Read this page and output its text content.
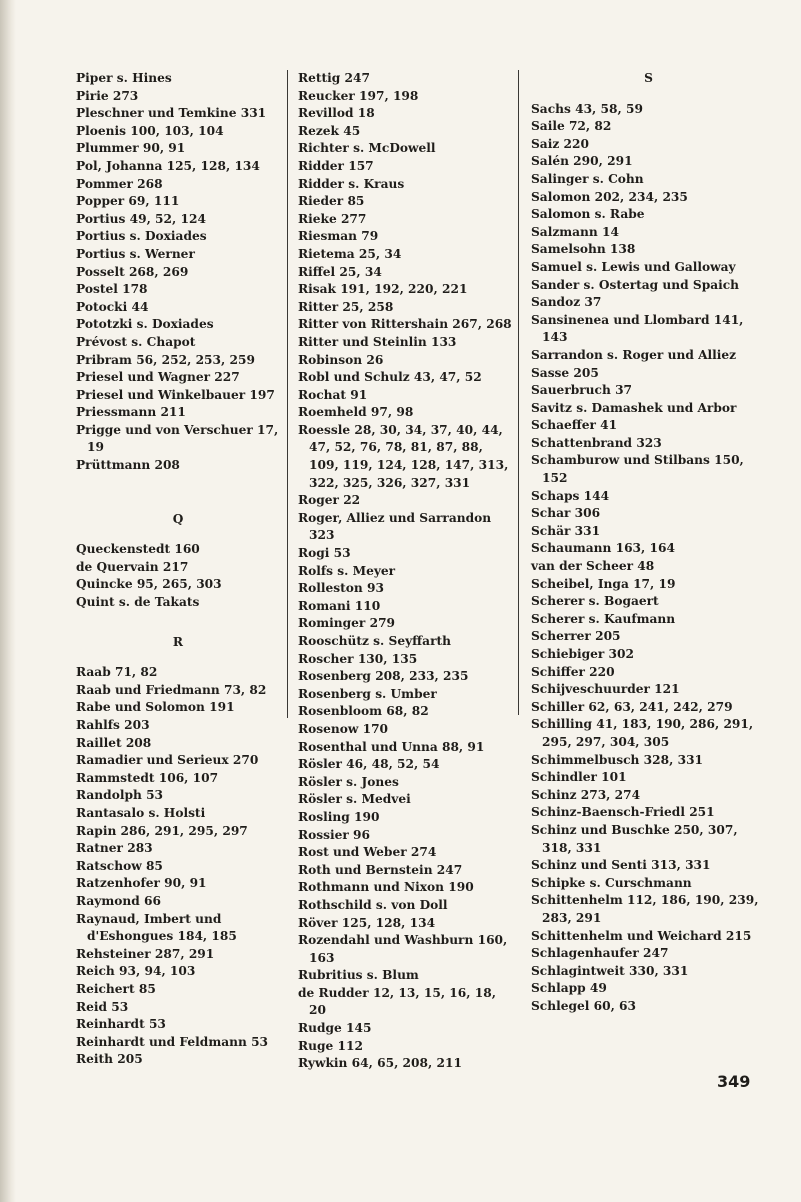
Piper s. Hines

Pirie 273

Pleschner und Temkine 331

Ploenis 100, 103, 104

Plummer 90, 91

Pol, Johanna 125, 128, 134

Pommer 268

Popper 69, 111

Portius 49, 52, 124

Portius s. Doxiades

Portius s. Werner

Posselt 268, 269

Postel 178

Potocki 44

Pototzki s. Doxiades

Prévost s. Chapot

Pribram 56, 252, 253, 259

Priesel und Wagner 227

Priesel und Winkelbauer 197

Priessmann 211

Prigge und von Verschuer 17, 19

Prüttmann 208

Q

Queckenstedt 160

de Quervain 217

Quincke 95, 265, 303

Quint s. de Takats

R

Raab 71, 82

Raab und Friedmann 73, 82

Rabe und Solomon 191

Rahlfs 203

Raillet 208

Ramadier und Serieux 270

Rammstedt 106, 107

Randolph 53

Rantasalo s. Holsti

Rapin 286, 291, 295, 297

Ratner 283

Ratschow 85

Ratzenhofer 90, 91

Raymond 66

Raynaud, Imbert und d'Eshongues 184, 185

Rehsteiner 287, 291

Reich 93, 94, 103

Reichert 85

Reid 53

Reinhardt 53

Reinhardt und Feldmann 53

Reith 205

Rettig 247

Reucker 197, 198

Revillod 18

Rezek 45

Richter s. McDowell

Ridder 157

Ridder s. Kraus

Rieder 85

Rieke 277

Riesman 79

Rietema 25, 34

Riffel 25, 34

Risak 191, 192, 220, 221

Ritter 25, 258

Ritter von Rittershain 267, 268

Ritter und Steinlin 133

Robinson 26

Robl und Schulz 43, 47, 52

Rochat 91

Roemheld 97, 98

Roessle 28, 30, 34, 37, 40, 44, 47, 52, 76, 78, 81, 87, 88, 109, 119, 124, 128, 147, 313, 322, 325, 326, 327, 331

Roger 22

Roger, Alliez und Sarrandon 323

Rogi 53

Rolfs s. Meyer

Rolleston 93

Romani 110

Rominger 279

Rooschütz s. Seyffarth

Roscher 130, 135

Rosenberg 208, 233, 235

Rosenberg s. Umber

Rosenbloom 68, 82

Rosenow 170

Rosenthal und Unna 88, 91

Rösler 46, 48, 52, 54

Rösler s. Jones

Rösler s. Medvei

Rosling 190

Rossier 96

Rost und Weber 274

Roth und Bernstein 247

Rothmann und Nixon 190

Rothschild s. von Doll

Röver 125, 128, 134

Rozendahl und Washburn 160, 163

Rubritius s. Blum

de Rudder 12, 13, 15, 16, 18, 20

Rudge 145

Ruge 112

Rywkin 64, 65, 208, 211

S

Sachs 43, 58, 59

Saile 72, 82

Saiz 220

Salén 290, 291

Salinger s. Cohn

Salomon 202, 234, 235

Salomon s. Rabe

Salzmann 14

Samelsohn 138

Samuel s. Lewis und Galloway

Sander s. Ostertag und Spaich

Sandoz 37

Sansinenea und Llombard 141, 143

Sarrandon s. Roger und Alliez

Sasse 205

Sauerbruch 37

Savitz s. Damashek und Arbor

Schaeffer 41

Schattenbrand 323

Schamburow und Stilbans 150, 152

Schaps 144

Schar 306

Schär 331

Schaumann 163, 164

van der Scheer 48

Scheibel, Inga 17, 19

Scherer s. Bogaert

Scherer s. Kaufmann

Scherrer 205

Schiebiger 302

Schiffer 220

Schijveschuurder 121

Schiller 62, 63, 241, 242, 279

Schilling 41, 183, 190, 286, 291, 295, 297, 304, 305

Schimmelbusch 328, 331

Schindler 101

Schinz 273, 274

Schinz-Baensch-Friedl 251

Schinz und Buschke 250, 307, 318, 331

Schinz und Senti 313, 331

Schipke s. Curschmann

Schittenhelm 112, 186, 190, 239, 283, 291

Schittenhelm und Weichard 215

Schlagenhaufer 247

Schlagintweit 330, 331

Schlapp 49

Schlegel 60, 63

349
